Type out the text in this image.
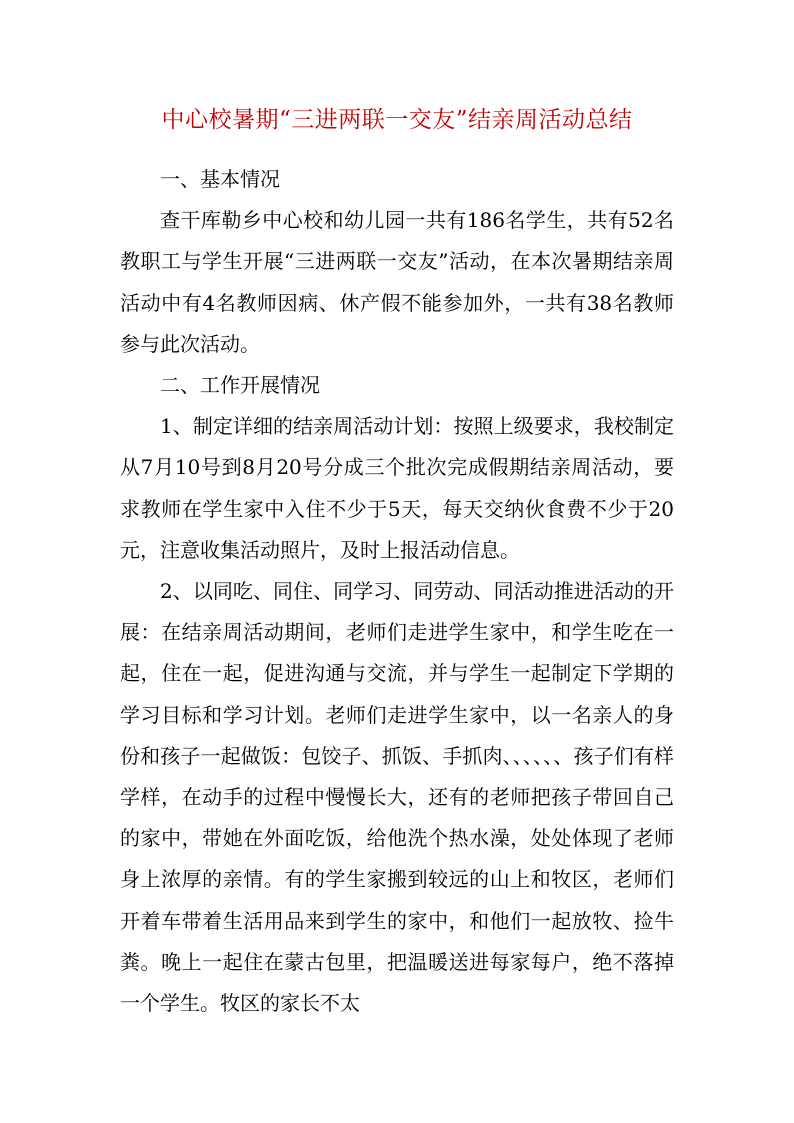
中心校暑期“三进两联一交友”结亲周活动总结

一、基本情况

查干库勒乡中心校和幼儿园一共有186名学生，共有52名教职工与学生开展“三进两联一交友”活动，在本次暑期结亲周活动中有4名教师因病、休产假不能参加外，一共有38名教师参与此次活动。

二、工作开展情况

1、制定详细的结亲周活动计划：按照上级要求，我校制定从7月10号到8月20号分成三个批次完成假期结亲周活动，要求教师在学生家中入住不少于5天，每天交纳伙食费不少于20元，注意收集活动照片，及时上报活动信息。

2、以同吃、同住、同学习、同劳动、同活动推进活动的开展：在结亲周活动期间，老师们走进学生家中，和学生吃在一起，住在一起，促进沟通与交流，并与学生一起制定下学期的学习目标和学习计划。老师们走进学生家中，以一名亲人的身份和孩子一起做饭：包饺子、抓饭、手抓肉、、、、、、孩子们有样学样，在动手的过程中慢慢长大，还有的老师把孩子带回自己的家中，带她在外面吃饭，给他洗个热水澡，处处体现了老师身上浓厚的亲情。有的学生家搬到较远的山上和牧区，老师们开着车带着生活用品来到学生的家中，和他们一起放牧、捡牛粪。晚上一起住在蒙古包里，把温暖送进每家每户，绝不落掉一个学生。牧区的家长不太
